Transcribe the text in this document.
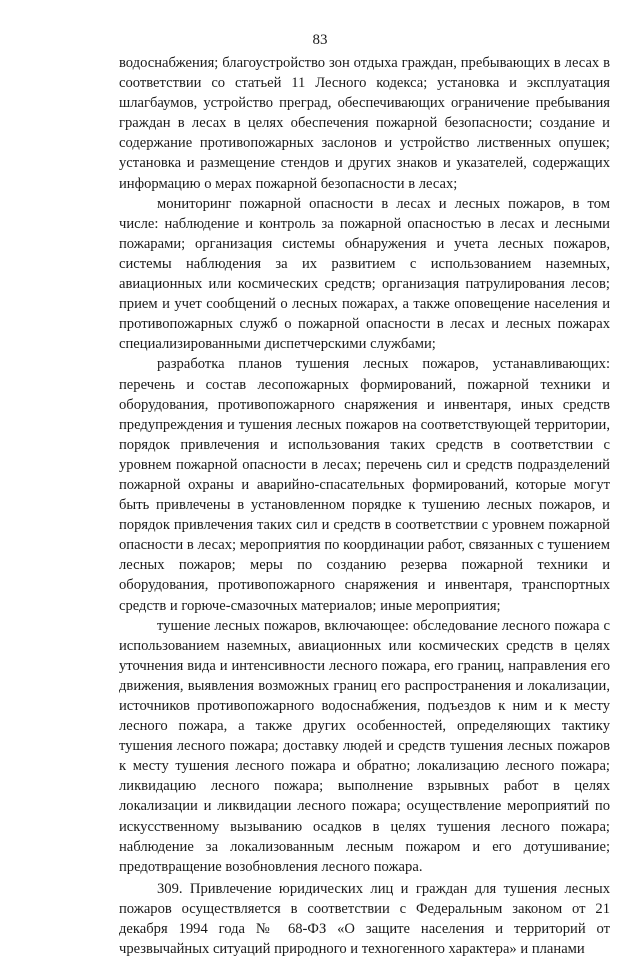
83

водоснабжения; благоустройство зон отдыха граждан, пребывающих в лесах в соответствии со статьей 11 Лесного кодекса; установка и эксплуатация шлагбаумов, устройство преград, обеспечивающих ограничение пребывания граждан в лесах в целях обеспечения пожарной безопасности; создание и содержание противопожарных заслонов и устройство лиственных опушек; установка и размещение стендов и других знаков и указателей, содержащих информацию о мерах пожарной безопасности в лесах;

мониторинг пожарной опасности в лесах и лесных пожаров, в том числе: наблюдение и контроль за пожарной опасностью в лесах и лесными пожарами; организация системы обнаружения и учета лесных пожаров, системы наблюдения за их развитием с использованием наземных, авиационных или космических средств; организация патрулирования лесов; прием и учет сообщений о лесных пожарах, а также оповещение населения и противопожарных служб о пожарной опасности в лесах и лесных пожарах специализированными диспетчерскими службами;

разработка планов тушения лесных пожаров, устанавливающих: перечень и состав лесопожарных формирований, пожарной техники и оборудования, противопожарного снаряжения и инвентаря, иных средств предупреждения и тушения лесных пожаров на соответствующей территории, порядок привлечения и использования таких средств в соответствии с уровнем пожарной опасности в лесах; перечень сил и средств подразделений пожарной охраны и аварийно-спасательных формирований, которые могут быть привлечены в установленном порядке к тушению лесных пожаров, и порядок привлечения таких сил и средств в соответствии с уровнем пожарной опасности в лесах; мероприятия по координации работ, связанных с тушением лесных пожаров; меры по созданию резерва пожарной техники и оборудования, противопожарного снаряжения и инвентаря, транспортных средств и горюче-смазочных материалов; иные мероприятия;

тушение лесных пожаров, включающее: обследование лесного пожара с использованием наземных, авиационных или космических средств в целях уточнения вида и интенсивности лесного пожара, его границ, направления его движения, выявления возможных границ его распространения и локализации, источников противопожарного водоснабжения, подъездов к ним и к месту лесного пожара, а также других особенностей, определяющих тактику тушения лесного пожара; доставку людей и средств тушения лесных пожаров к месту тушения лесного пожара и обратно; локализацию лесного пожара; ликвидацию лесного пожара; выполнение взрывных работ в целях локализации и ликвидации лесного пожара; осуществление мероприятий по искусственному вызыванию осадков в целях тушения лесного пожара; наблюдение за локализованным лесным пожаром и его дотушивание; предотвращение возобновления лесного пожара.

309. Привлечение юридических лиц и граждан для тушения лесных пожаров осуществляется в соответствии с Федеральным законом от 21 декабря 1994 года № 68-ФЗ «О защите населения и территорий от чрезвычайных ситуаций природного и техногенного характера» и планами
